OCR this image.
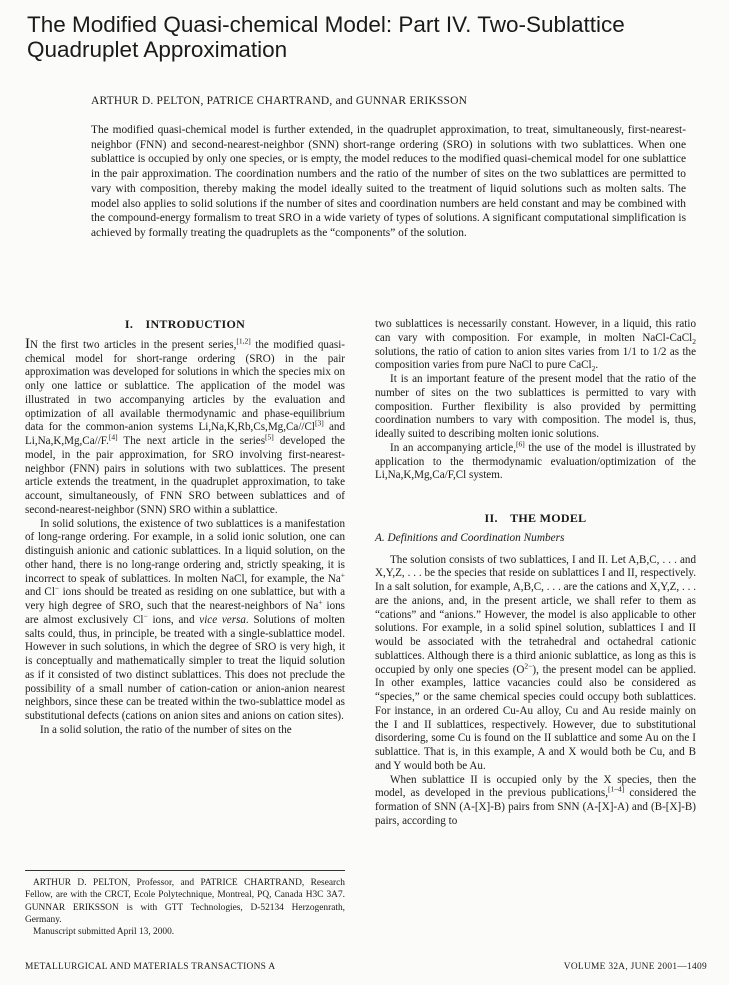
The Modified Quasi-chemical Model: Part IV. Two-Sublattice Quadruplet Approximation
ARTHUR D. PELTON, PATRICE CHARTRAND, and GUNNAR ERIKSSON

The modified quasi-chemical model is further extended, in the quadruplet approximation, to treat, simultaneously, first-nearest-neighbor (FNN) and second-nearest-neighbor (SNN) short-range ordering (SRO) in solutions with two sublattices. When one sublattice is occupied by only one species, or is empty, the model reduces to the modified quasi-chemical model for one sublattice in the pair approximation. The coordination numbers and the ratio of the number of sites on the two sublattices are permitted to vary with composition, thereby making the model ideally suited to the treatment of liquid solutions such as molten salts. The model also applies to solid solutions if the number of sites and coordination numbers are held constant and may be combined with the compound-energy formalism to treat SRO in a wide variety of types of solutions. A significant computational simplification is achieved by formally treating the quadruplets as the “components” of the solution.

I. INTRODUCTION

IN the first two articles in the present series,[1,2] the modified quasi-chemical model for short-range ordering (SRO) in the pair approximation was developed for solutions in which the species mix on only one lattice or sublattice. The application of the model was illustrated in two accompanying articles by the evaluation and optimization of all available thermodynamic and phase-equilibrium data for the common-anion systems Li,Na,K,Rb,Cs,Mg,Ca//Cl[3] and Li,Na,K,Mg,Ca//F.[4] The next article in the series[5] developed the model, in the pair approximation, for SRO involving first-nearest-neighbor (FNN) pairs in solutions with two sublattices. The present article extends the treatment, in the quadruplet approximation, to take account, simultaneously, of FNN SRO between sublattices and of second-nearest-neighbor (SNN) SRO within a sublattice.

In solid solutions, the existence of two sublattices is a manifestation of long-range ordering. For example, in a solid ionic solution, one can distinguish anionic and cationic sublattices. In a liquid solution, on the other hand, there is no long-range ordering and, strictly speaking, it is incorrect to speak of sublattices. In molten NaCl, for example, the Na+ and Cl− ions should be treated as residing on one sublattice, but with a very high degree of SRO, such that the nearest-neighbors of Na+ ions are almost exclusively Cl− ions, and vice versa. Solutions of molten salts could, thus, in principle, be treated with a single-sublattice model. However in such solutions, in which the degree of SRO is very high, it is conceptually and mathematically simpler to treat the liquid solution as if it consisted of two distinct sublattices. This does not preclude the possibility of a small number of cation-cation or anion-anion nearest neighbors, since these can be treated within the two-sublattice model as substitutional defects (cations on anion sites and anions on cation sites).

In a solid solution, the ratio of the number of sites on the

two sublattices is necessarily constant. However, in a liquid, this ratio can vary with composition. For example, in molten NaCl-CaCl$_2$ solutions, the ratio of cation to anion sites varies from 1/1 to 1/2 as the composition varies from pure NaCl to pure CaCl$_2$.

It is an important feature of the present model that the ratio of the number of sites on the two sublattices is permitted to vary with composition. Further flexibility is also provided by permitting coordination numbers to vary with composition. The model is, thus, ideally suited to describing molten ionic solutions.

In an accompanying article,[6] the use of the model is illustrated by application to the thermodynamic evaluation/optimization of the Li,Na,K,Mg,Ca/F,Cl system.

II. THE MODEL
A. Definitions and Coordination Numbers

The solution consists of two sublattices, I and II. Let A,B,C, . . . and X,Y,Z, . . . be the species that reside on sublattices I and II, respectively. In a salt solution, for example, A,B,C, . . . are the cations and X,Y,Z, . . . are the anions, and, in the present article, we shall refer to them as “cations” and “anions.” However, the model is also applicable to other solutions. For example, in a solid spinel solution, sublattices I and II would be associated with the tetrahedral and octahedral cationic sublattices. Although there is a third anionic sublattice, as long as this is occupied by only one species $(O^{2-})$, the present model can be applied. In other examples, lattice vacancies could also be considered as “species,” or the same chemical species could occupy both sublattices. For instance, in an ordered Cu-Au alloy, Cu and Au reside mainly on the I and II sublattices, respectively. However, due to substitutional disordering, some Cu is found on the II sublattice and some Au on the I sublattice. That is, in this example, A and X would both be Cu, and B and Y would both be Au.

When sublattice II is occupied only by the X species, then the model, as developed in the previous publications,[1–4] considered the formation of SNN (A-[X]-B) pairs from SNN (A-[X]-A) and (B-[X]-B) pairs, according to

ARTHUR D. PELTON, Professor, and PATRICE CHARTRAND, Research Fellow, are with the CRCT, Ecole Polytechnique, Montreal, PQ, Canada H3C 3A7. GUNNAR ERIKSSON is with GTT Technologies, D-52134 Herzogenrath, Germany.

Manuscript submitted April 13, 2000.

METALLURGICAL AND MATERIALS TRANSACTIONS A	VOLUME 32A, JUNE 2001—1409
